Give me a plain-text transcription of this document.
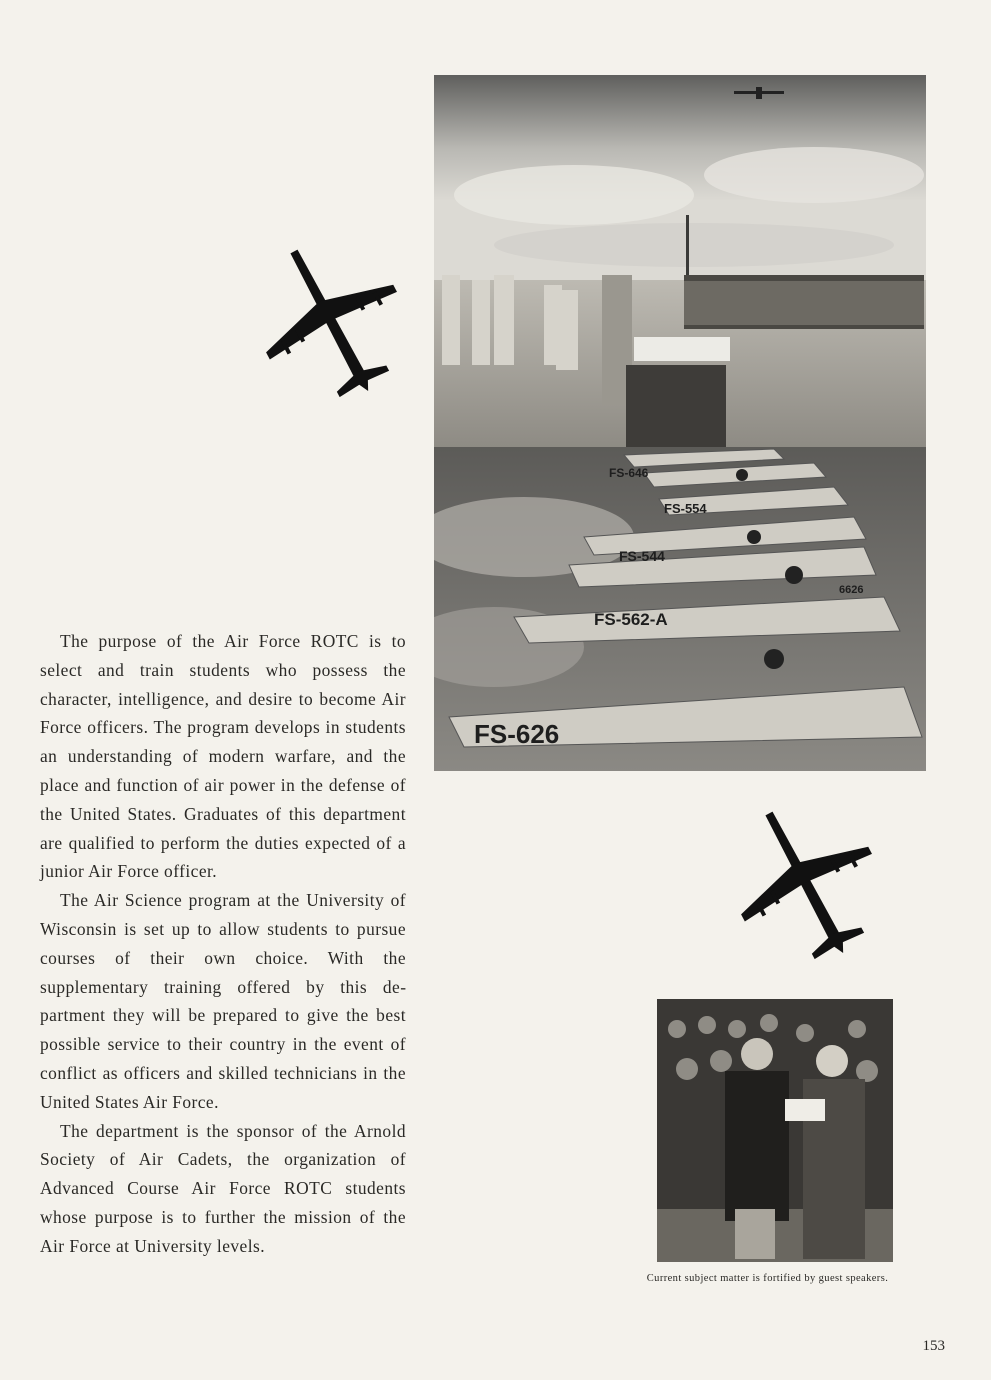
FS-646
FS-554
FS-544
FS-562-A
6626
FS-626

The purpose of the Air Force ROTC is to select and train students who possess the character, intelligence, and desire to become Air Force officers. The program develops in students an understanding of modern warfare, and the place and function of air power in the defense of the United States. Graduates of this department are qualified to perform the duties expected of a junior Air Force officer.

The Air Science program at the University of Wisconsin is set up to allow students to pursue courses of their own choice. With the supplementary training offered by this department they will be prepared to give the best possible service to their country in the event of conflict as officers and skilled technicians in the United States Air Force.

The department is the sponsor of the Arnold Society of Air Cadets, the organization of Advanced Course Air Force ROTC students whose purpose is to further the mission of the Air Force at University levels.

Current subject matter is fortified by guest speakers.
153
